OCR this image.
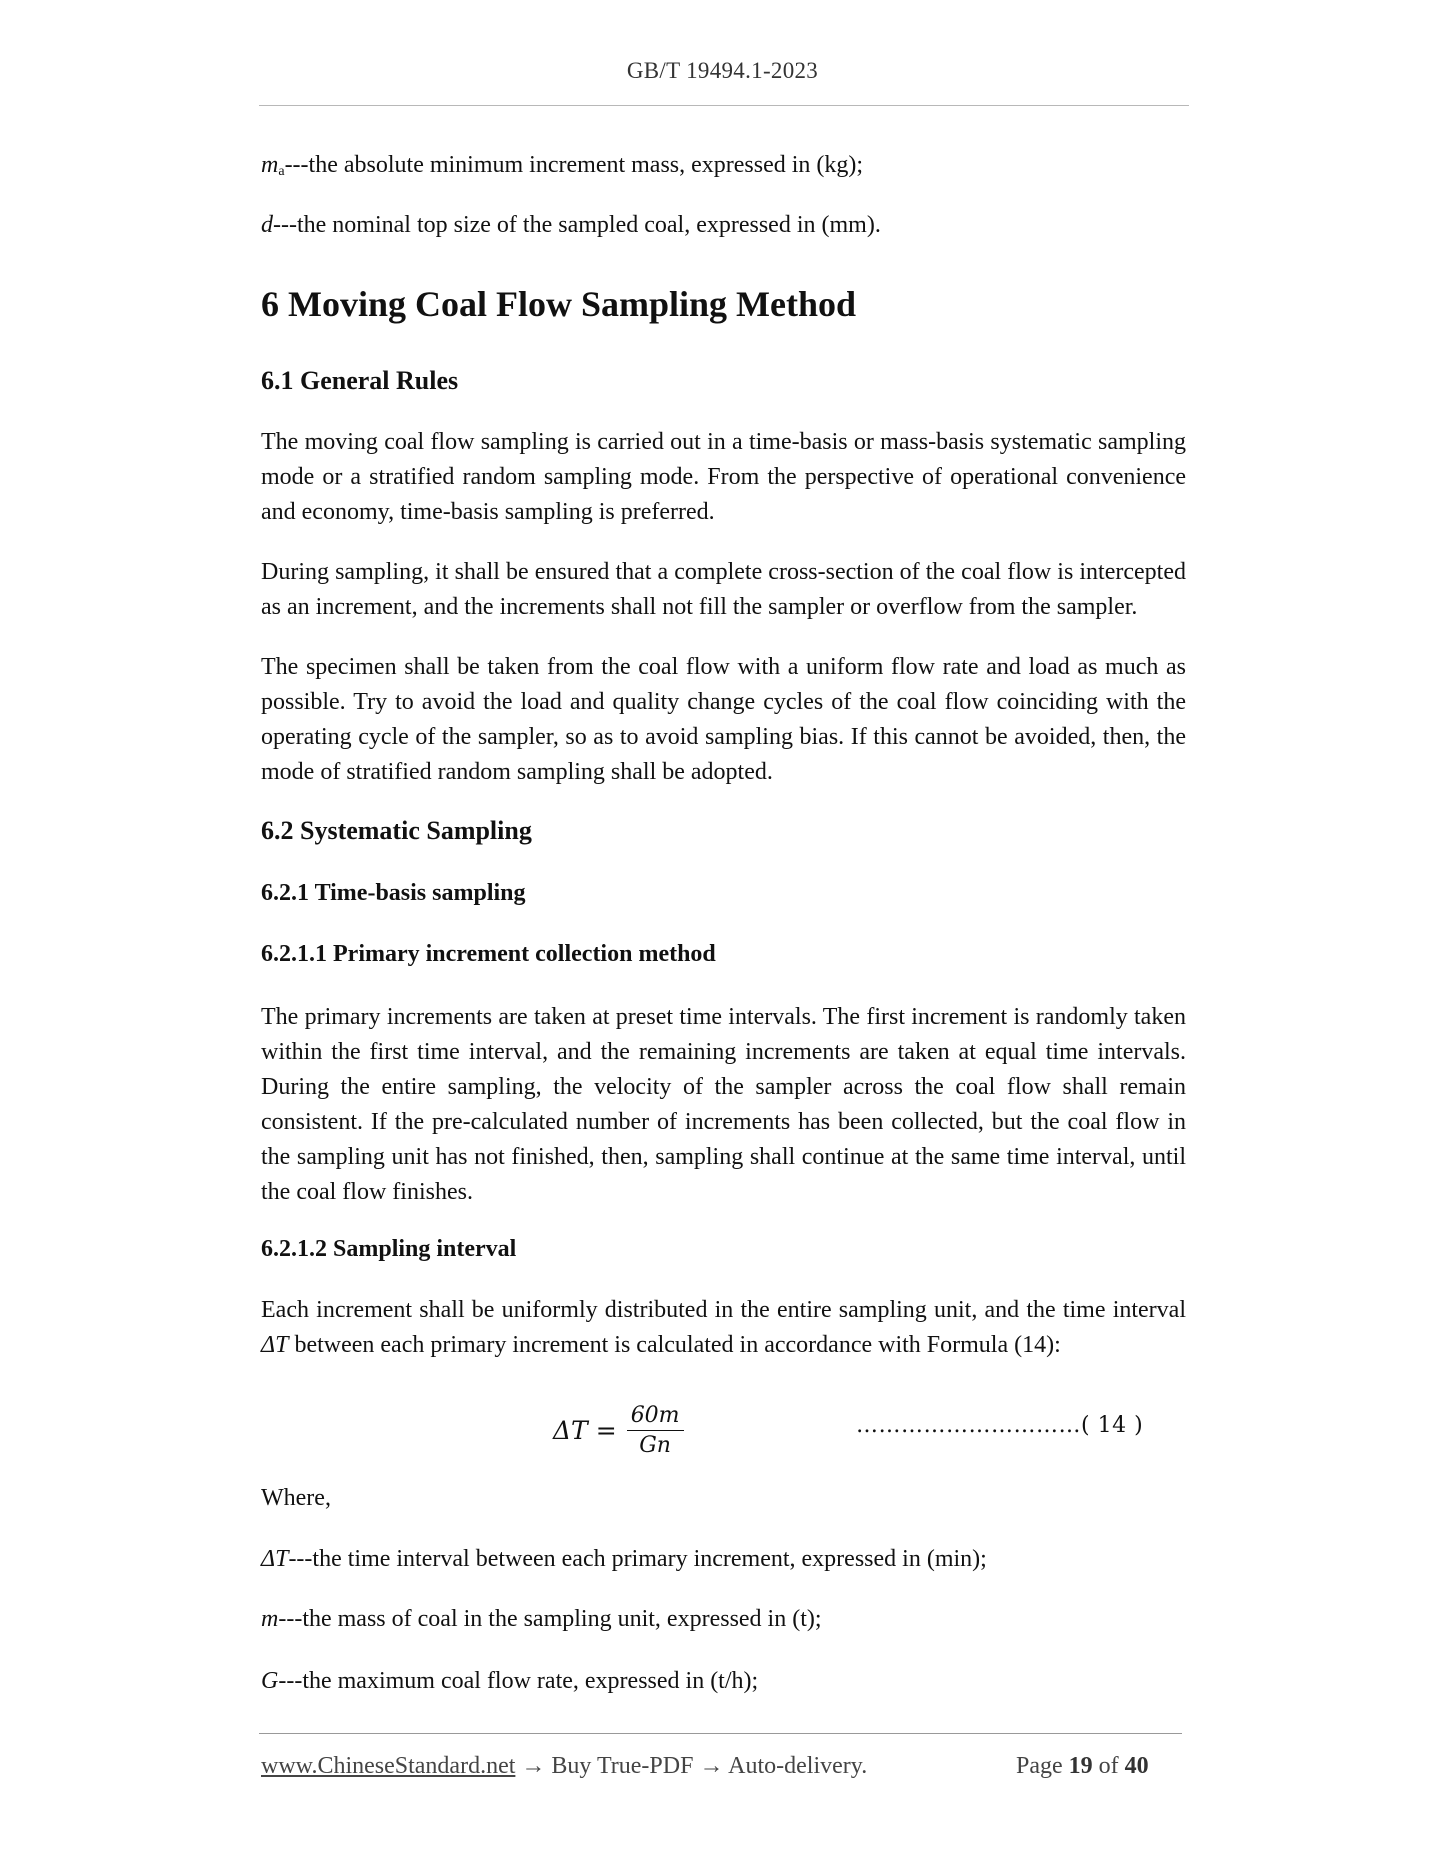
GB/T 19494.1-2023
$m_a--$-the absolute minimum increment mass, expressed in (kg);
d---the nominal top size of the sampled coal, expressed in (mm).
6 Moving Coal Flow Sampling Method
6.1 General Rules

The moving coal flow sampling is carried out in a time-basis or mass-basis systematic sampling mode or a stratified random sampling mode. From the perspective of operational convenience and economy, time-basis sampling is preferred.

During sampling, it shall be ensured that a complete cross-section of the coal flow is intercepted as an increment, and the increments shall not fill the sampler or overflow from the sampler.

The specimen shall be taken from the coal flow with a uniform flow rate and load as much as possible. Try to avoid the load and quality change cycles of the coal flow coinciding with the operating cycle of the sampler, so as to avoid sampling bias. If this cannot be avoided, then, the mode of stratified random sampling shall be adopted.

6.2 Systematic Sampling
6.2.1 Time-basis sampling
6.2.1.1 Primary increment collection method

The primary increments are taken at preset time intervals. The first increment is randomly taken within the first time interval, and the remaining increments are taken at equal time intervals. During the entire sampling, the velocity of the sampler across the coal flow shall remain consistent. If the pre-calculated number of increments has been collected, but the coal flow in the sampling unit has not finished, then, sampling shall continue at the same time interval, until the coal flow finishes.

6.2.1.2 Sampling interval

Each increment shall be uniformly distributed in the entire sampling unit, and the time interval ΔT between each primary increment is calculated in accordance with Formula (14):

$\Delta T = \frac{60m}{Gn}$	…………………………( 14 )
Where,
ΔT---the time interval between each primary increment, expressed in (min);
m---the mass of coal in the sampling unit, expressed in (t);
G---the maximum coal flow rate, expressed in (t/h);
www.ChineseStandard.net → Buy True-PDF → Auto-delivery.	Page 19 of 40
